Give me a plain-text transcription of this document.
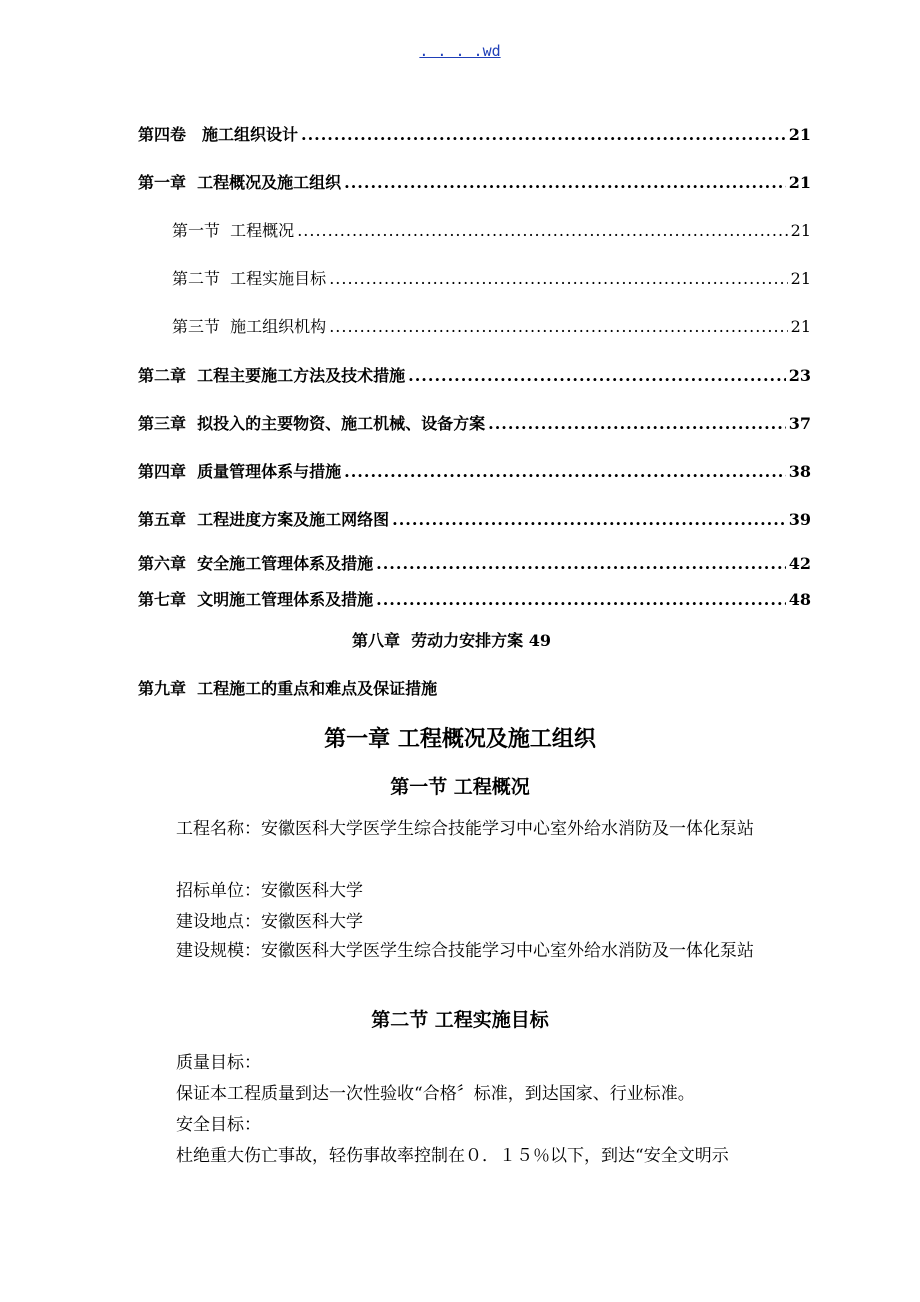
. . . .wd
第四卷　施工组织设计 .....	21
第一章  工程概况及施工组织 .....	21
第一节  工程概况 .....	21
第二节  工程实施目标 .....	21
第三节  施工组织机构 .....	21
第二章  工程主要施工方法及技术措施 .....	23
第三章  拟投入的主要物资、施工机械、设备方案 .....	37
第四章  质量管理体系与措施 .....	38
第五章  工程进度方案及施工网络图 .....	39
第六章  安全施工管理体系及措施 .....	42
第七章  文明施工管理体系及措施 .....	48
第八章  劳动力安排方案 49
第九章  工程施工的重点和难点及保证措施
第一章 工程概况及施工组织
第一节 工程概况
工程名称：安徽医科大学医学生综合技能学习中心室外给水消防及一体化泵站
招标单位：安徽医科大学
建设地点：安徽医科大学
建设规模：安徽医科大学医学生综合技能学习中心室外给水消防及一体化泵站
第二节 工程实施目标
质量目标：
保证本工程质量到达一次性验收“合格〞标准，到达国家、行业标准。
安全目标：
杜绝重大伤亡事故，轻伤事故率控制在０．１５％以下，到达“安全文明示
